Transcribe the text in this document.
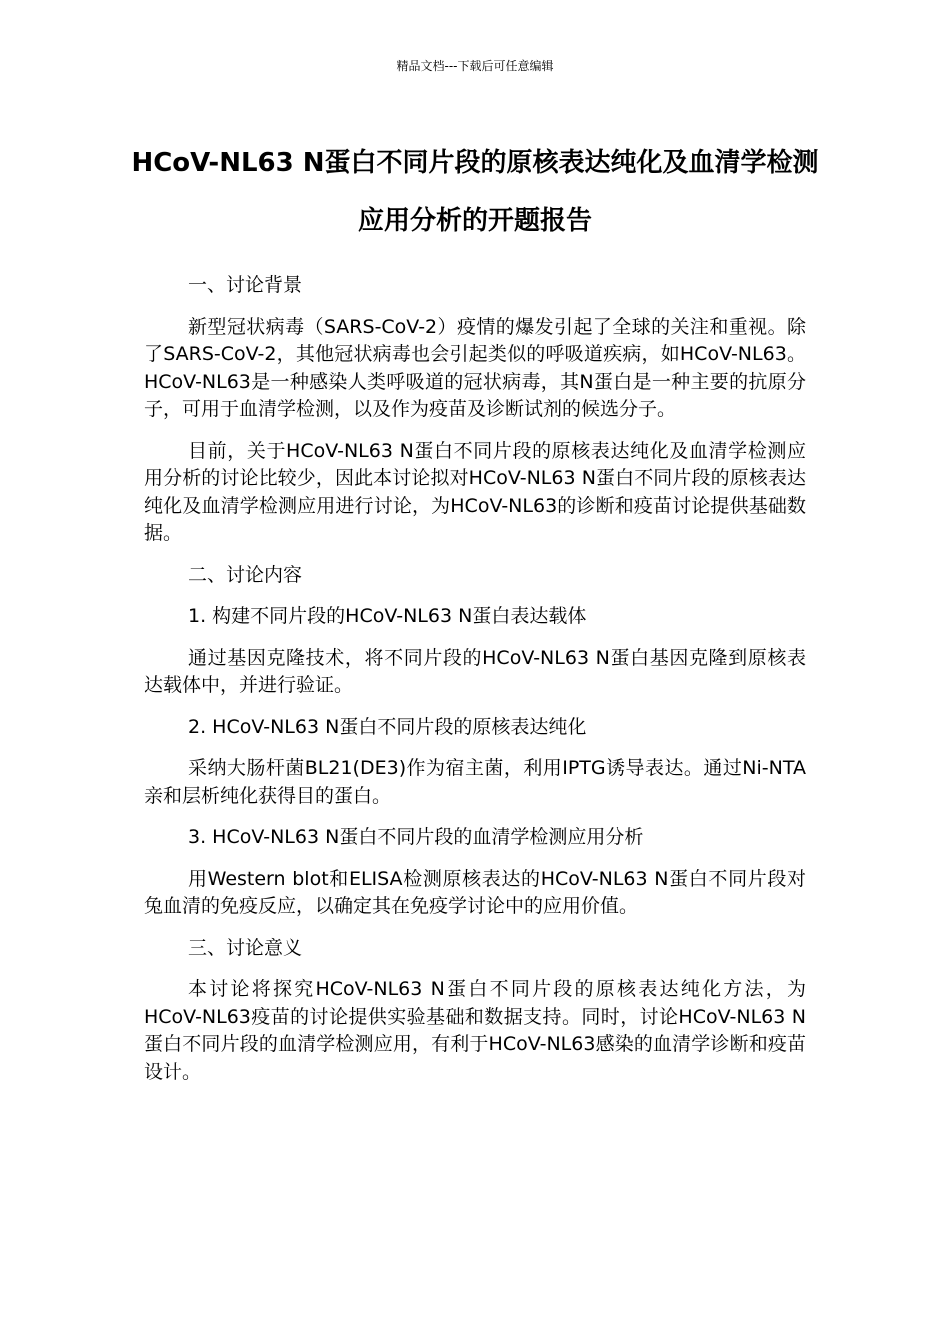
精品文档---下载后可任意编辑
HCoV-NL63 N蛋白不同片段的原核表达纯化及血清学检测应用分析的开题报告

一、讨论背景

新型冠状病毒（SARS-CoV-2）疫情的爆发引起了全球的关注和重视。除了SARS-CoV-2，其他冠状病毒也会引起类似的呼吸道疾病，如HCoV-NL63。HCoV-NL63是一种感染人类呼吸道的冠状病毒，其N蛋白是一种主要的抗原分子，可用于血清学检测，以及作为疫苗及诊断试剂的候选分子。

目前，关于HCoV-NL63 N蛋白不同片段的原核表达纯化及血清学检测应用分析的讨论比较少，因此本讨论拟对HCoV-NL63 N蛋白不同片段的原核表达纯化及血清学检测应用进行讨论，为HCoV-NL63的诊断和疫苗讨论提供基础数据。

二、讨论内容

1. 构建不同片段的HCoV-NL63 N蛋白表达载体

通过基因克隆技术，将不同片段的HCoV-NL63 N蛋白基因克隆到原核表达载体中，并进行验证。

2. HCoV-NL63 N蛋白不同片段的原核表达纯化

采纳大肠杆菌BL21(DE3)作为宿主菌，利用IPTG诱导表达。通过Ni-NTA亲和层析纯化获得目的蛋白。

3. HCoV-NL63 N蛋白不同片段的血清学检测应用分析

用Western blot和ELISA检测原核表达的HCoV-NL63 N蛋白不同片段对兔血清的免疫反应，以确定其在免疫学讨论中的应用价值。

三、讨论意义

本讨论将探究HCoV-NL63 N蛋白不同片段的原核表达纯化方法，为HCoV-NL63疫苗的讨论提供实验基础和数据支持。同时，讨论HCoV-NL63 N蛋白不同片段的血清学检测应用，有利于HCoV-NL63感染的血清学诊断和疫苗设计。
